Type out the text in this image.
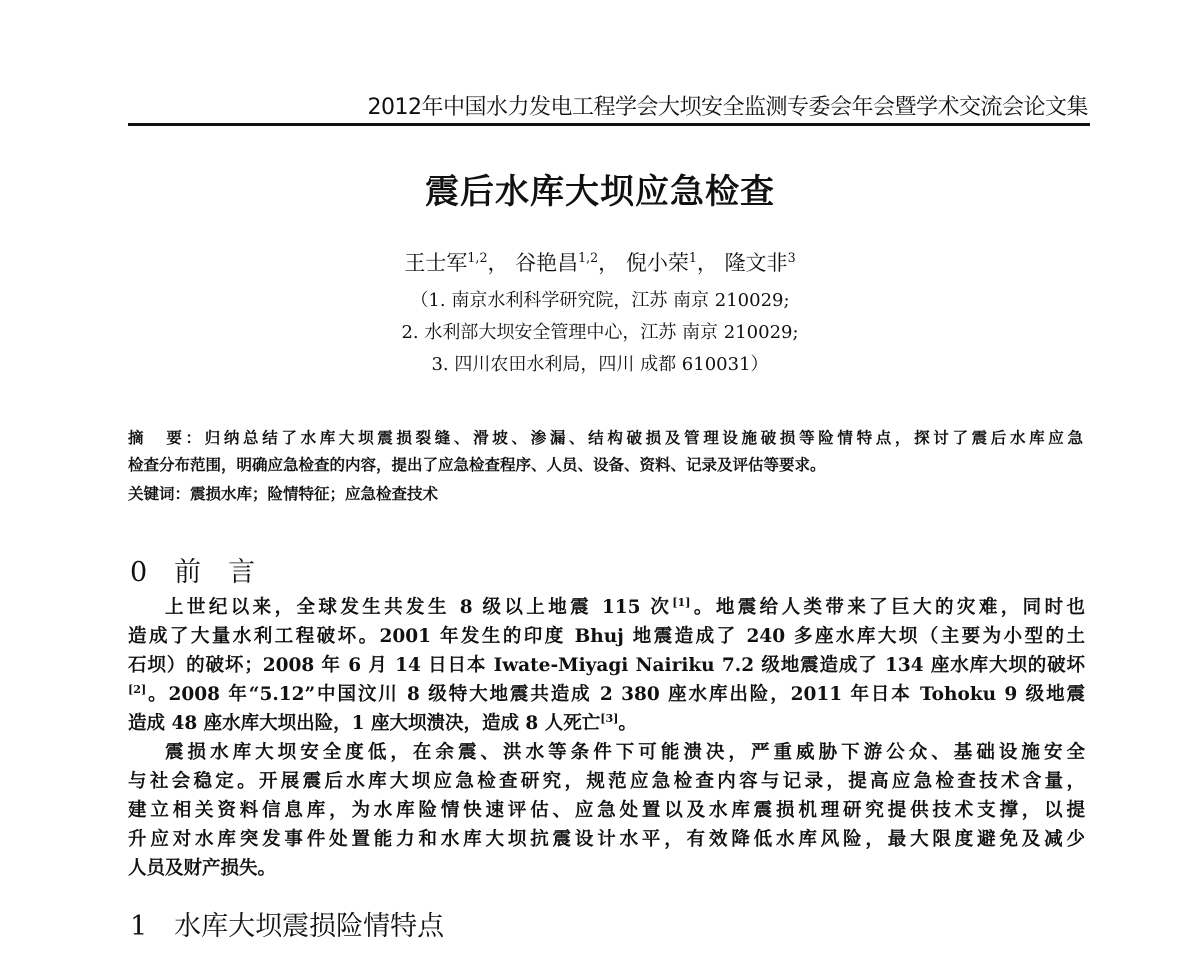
2012年中国水力发电工程学会大坝安全监测专委会年会暨学术交流会论文集
震后水库大坝应急检查
王士军$^{1,2}$， 谷艳昌$^{1,2}$， 倪小荣$^1$， 隆文非$^3$
（1. 南京水利科学研究院，江苏 南京 210029;
2. 水利部大坝安全管理中心，江苏 南京 210029;
3. 四川农田水利局，四川 成都 610031）
摘　要：归纳总结了水库大坝震损裂缝、滑坡、渗漏、结构破损及管理设施破损等险情特点，探讨了震后水库应急
检查分布范围，明确应急检查的内容，提出了应急检查程序、人员、设备、资料、记录及评估等要求。
关键词：震损水库；险情特征；应急检查技术
0　前　言
上世纪以来，全球发生共发生 8 级以上地震 115 次[1]。地震给人类带来了巨大的灾难，同时也
造成了大量水利工程破坏。2001 年发生的印度 Bhuj 地震造成了 240 多座水库大坝（主要为小型的土
石坝）的破坏；2008 年 6 月 14 日日本 Iwate-Miyagi Nairiku 7.2 级地震造成了 134 座水库大坝的破坏
[2]。2008 年“5.12”中国汶川 8 级特大地震共造成 2 380 座水库出险，2011 年日本 Tohoku 9 级地震
造成 48 座水库大坝出险，1 座大坝溃决，造成 8 人死亡[3]。
震损水库大坝安全度低，在余震、洪水等条件下可能溃决，严重威胁下游公众、基础设施安全
与社会稳定。开展震后水库大坝应急检查研究，规范应急检查内容与记录，提高应急检查技术含量，
建立相关资料信息库，为水库险情快速评估、应急处置以及水库震损机理研究提供技术支撑，以提
升应对水库突发事件处置能力和水库大坝抗震设计水平，有效降低水库风险，最大限度避免及减少
人员及财产损失。
1　水库大坝震损险情特点
